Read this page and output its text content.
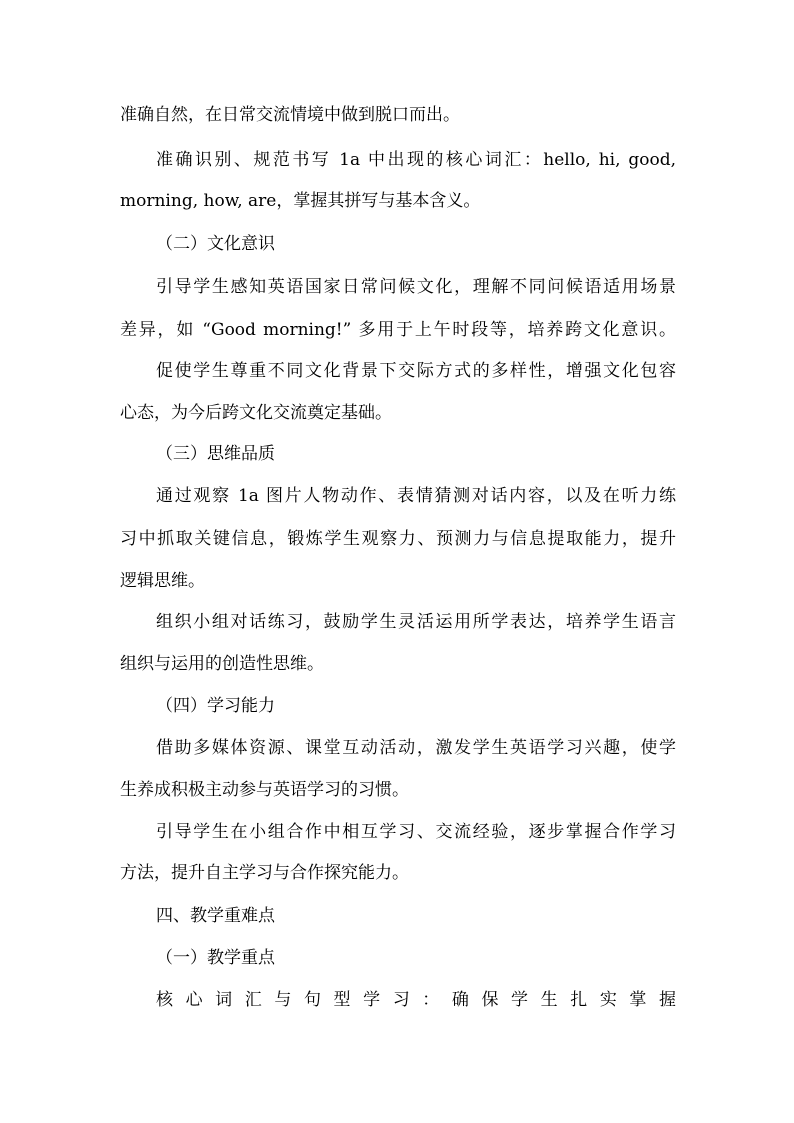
准确自然，在日常交流情境中做到脱口而出。
准确识别、规范书写 1a 中出现的核心词汇：hello, hi, good,
morning, how, are，掌握其拼写与基本含义。
（二）文化意识
引导学生感知英语国家日常问候文化，理解不同问候语适用场景
差异，如 “Good morning!” 多用于上午时段等，培养跨文化意识。
促使学生尊重不同文化背景下交际方式的多样性，增强文化包容
心态，为今后跨文化交流奠定基础。
（三）思维品质
通过观察 1a 图片人物动作、表情猜测对话内容，以及在听力练
习中抓取关键信息，锻炼学生观察力、预测力与信息提取能力，提升
逻辑思维。
组织小组对话练习，鼓励学生灵活运用所学表达，培养学生语言
组织与运用的创造性思维。
（四）学习能力
借助多媒体资源、课堂互动活动，激发学生英语学习兴趣，使学
生养成积极主动参与英语学习的习惯。
引导学生在小组合作中相互学习、交流经验，逐步掌握合作学习
方法，提升自主学习与合作探究能力。
四、教学重难点
（一）教学重点
核心词汇与句型学习：确保学生扎实掌握
